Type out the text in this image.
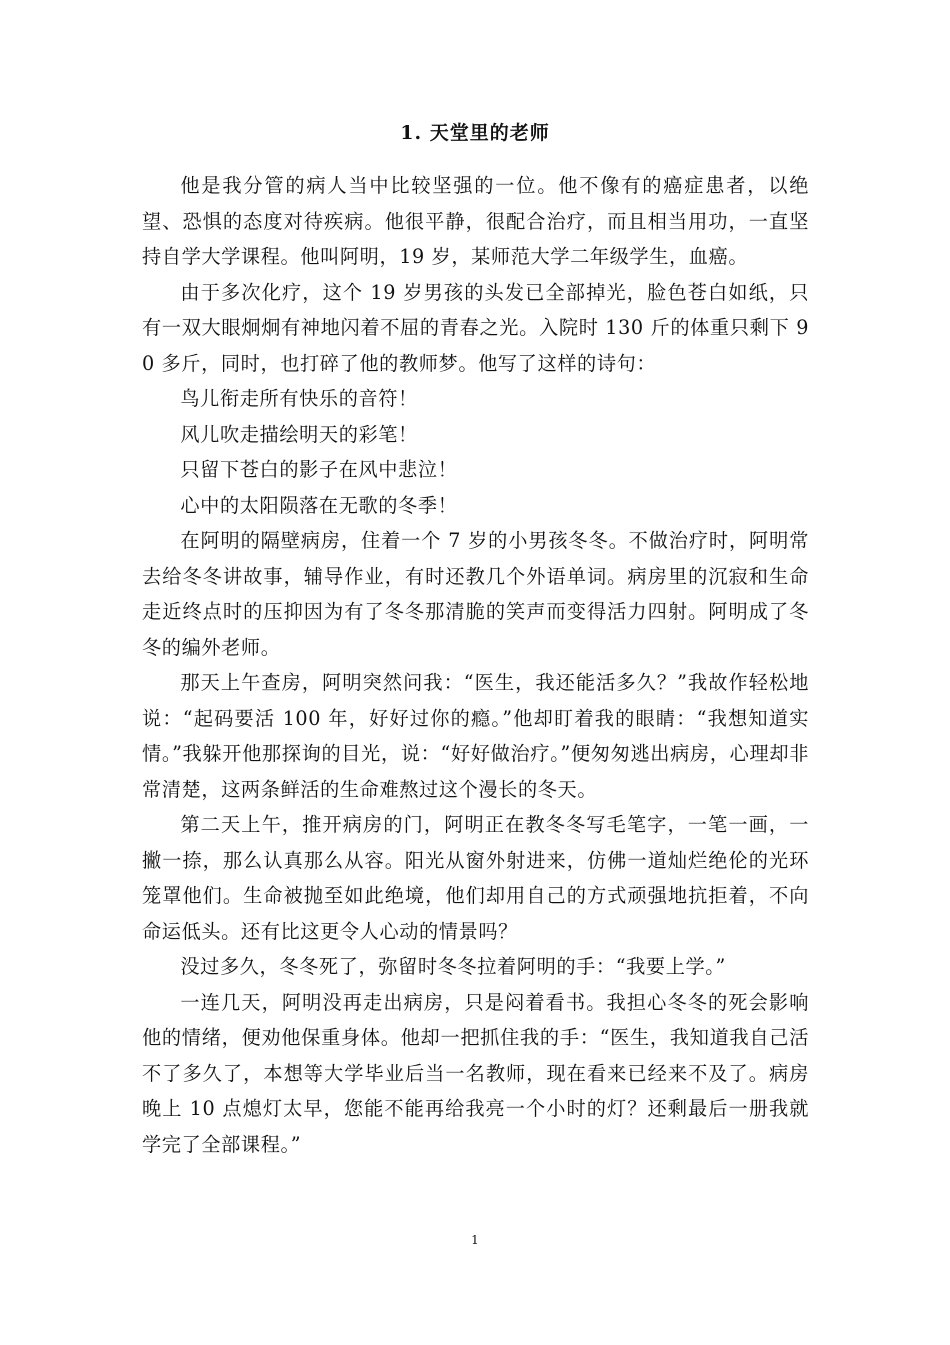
1. 天堂里的老师

他是我分管的病人当中比较坚强的一位。他不像有的癌症患者，以绝望、恐惧的态度对待疾病。他很平静，很配合治疗，而且相当用功，一直坚持自学大学课程。他叫阿明，19 岁，某师范大学二年级学生，血癌。

由于多次化疗，这个 19 岁男孩的头发已全部掉光，脸色苍白如纸，只有一双大眼炯炯有神地闪着不屈的青春之光。入院时 130 斤的体重只剩下 90 多斤，同时，也打碎了他的教师梦。他写了这样的诗句：

鸟儿衔走所有快乐的音符！

风儿吹走描绘明天的彩笔！

只留下苍白的影子在风中悲泣！

心中的太阳陨落在无歌的冬季！

在阿明的隔壁病房，住着一个 7 岁的小男孩冬冬。不做治疗时，阿明常去给冬冬讲故事，辅导作业，有时还教几个外语单词。病房里的沉寂和生命走近终点时的压抑因为有了冬冬那清脆的笑声而变得活力四射。阿明成了冬冬的编外老师。

那天上午查房，阿明突然问我：“医生，我还能活多久？”我故作轻松地说：“起码要活 100 年，好好过你的瘾。”他却盯着我的眼睛：“我想知道实情。”我躲开他那探询的目光，说：“好好做治疗。”便匆匆逃出病房，心理却非常清楚，这两条鲜活的生命难熬过这个漫长的冬天。

第二天上午，推开病房的门，阿明正在教冬冬写毛笔字，一笔一画，一撇一捺，那么认真那么从容。阳光从窗外射进来，仿佛一道灿烂绝伦的光环笼罩他们。生命被抛至如此绝境，他们却用自己的方式顽强地抗拒着，不向命运低头。还有比这更令人心动的情景吗？

没过多久，冬冬死了，弥留时冬冬拉着阿明的手：“我要上学。”

一连几天，阿明没再走出病房，只是闷着看书。我担心冬冬的死会影响他的情绪，便劝他保重身体。他却一把抓住我的手：“医生，我知道我自己活不了多久了，本想等大学毕业后当一名教师，现在看来已经来不及了。病房晚上 10 点熄灯太早，您能不能再给我亮一个小时的灯？还剩最后一册我就学完了全部课程。”

1
